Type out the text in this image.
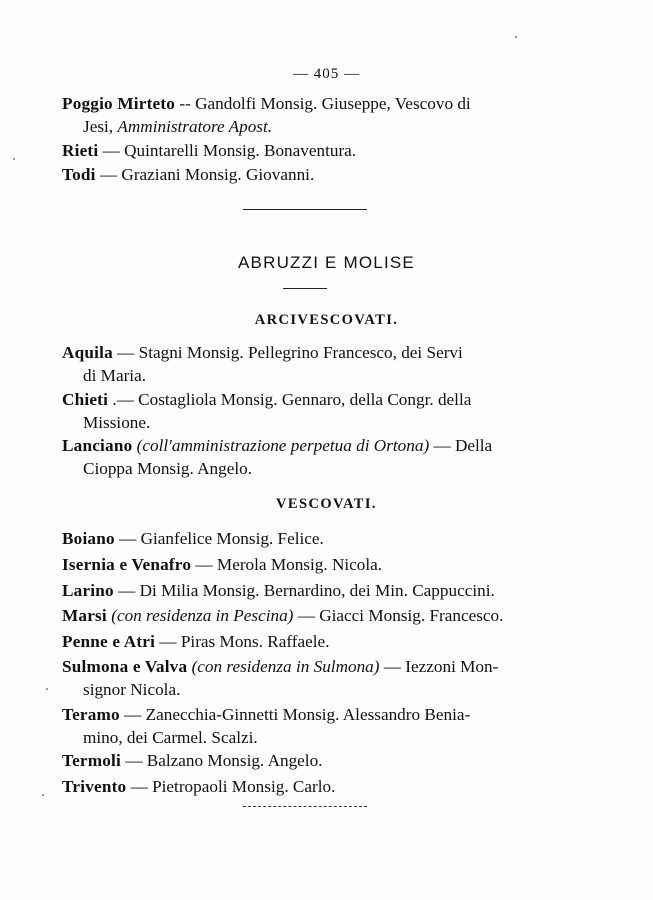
— 405 —
Poggio Mirteto -- Gandolfi Monsig. Giuseppe, Vescovo di
Jesi, Amministratore Apost.
Rieti — Quintarelli Monsig. Bonaventura.
Todi — Graziani Monsig. Giovanni.
ABRUZZI E MOLISE
ARCIVESCOVATI.
Aquila — Stagni Monsig. Pellegrino Francesco, dei Servi
di Maria.
Chieti .— Costagliola Monsig. Gennaro, della Congr. della
Missione.
Lanciano (coll'amministrazione perpetua di Ortona) — Della
Cioppa Monsig. Angelo.
VESCOVATI.
Boiano — Gianfelice Monsig. Felice.
Isernia e Venafro — Merola Monsig. Nicola.
Larino — Di Milia Monsig. Bernardino, dei Min. Cappuccini.
Marsi (con residenza in Pescina) — Giacci Monsig. Francesco.
Penne e Atri — Piras Mons. Raffaele.
Sulmona e Valva (con residenza in Sulmona) — Iezzoni Mon-
signor Nicola.
Teramo — Zanecchia-Ginnetti Monsig. Alessandro Benia-
mino, dei Carmel. Scalzi.
Termoli — Balzano Monsig. Angelo.
Trivento — Pietropaoli Monsig. Carlo.
